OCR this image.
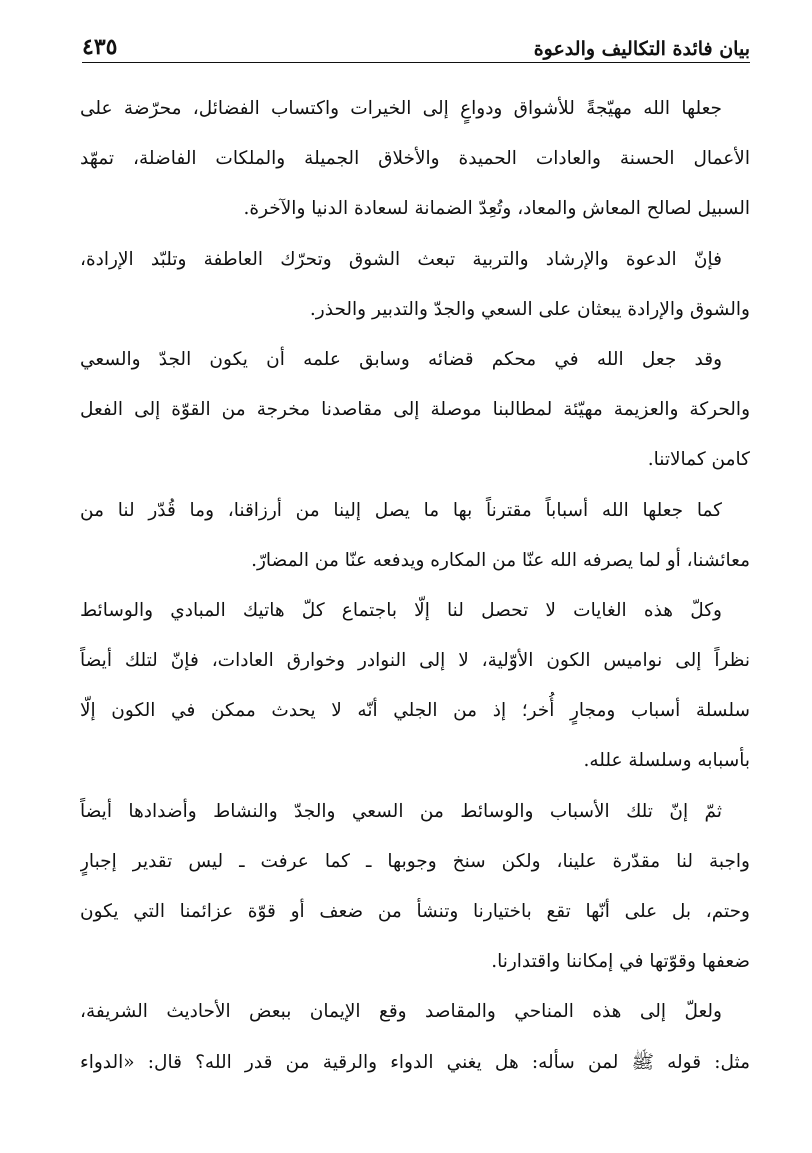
بيان فائدة التكاليف والدعوة
٤٣٥
جعلها الله مهيّجةً للأشواق ودواعٍ إلى الخيرات واكتساب الفضائل، محرّضة على
الأعمال الحسنة والعادات الحميدة والأخلاق الجميلة والملكات الفاضلة، تمهّد
السبيل لصالح المعاش والمعاد، وتُعِدّ الضمانة لسعادة الدنيا والآخرة.
فإنّ الدعوة والإرشاد والتربية تبعث الشوق وتحرّك العاطفة وتلبّد الإرادة،
والشوق والإرادة يبعثان على السعي والجدّ والتدبير والحذر.
وقد جعل الله في محكم قضائه وسابق علمه أن يكون الجدّ والسعي
والحركة والعزيمة مهيّئة لمطالبنا موصلة إلى مقاصدنا مخرجة من القوّة إلى الفعل
كامن كمالاتنا.
كما جعلها الله أسباباً مقترناً بها ما يصل إلينا من أرزاقنا، وما قُدّر لنا من
معائشنا، أو لما يصرفه الله عنّا من المكاره ويدفعه عنّا من المضارّ.
وكلّ هذه الغايات لا تحصل لنا إلّا باجتماع كلّ هاتيك المبادي والوسائط
نظراً إلى نواميس الكون الأوّلية، لا إلى النوادر وخوارق العادات، فإنّ لتلك أيضاً
سلسلة أسباب ومجارٍ أُخر؛ إذ من الجلي أنّه لا يحدث ممكن في الكون إلّا
بأسبابه وسلسلة علله.
ثمّ إنّ تلك الأسباب والوسائط من السعي والجدّ والنشاط وأضدادها أيضاً
واجبة لنا مقدّرة علينا، ولكن سنخ وجوبها ـ كما عرفت ـ ليس تقدير إجبارٍ
وحتم، بل على أنّها تقع باختيارنا وتنشأ من ضعف أو قوّة عزائمنا التي يكون
ضعفها وقوّتها في إمكاننا واقتدارنا.
ولعلّ إلى هذه المناحي والمقاصد وقع الإيمان ببعض الأحاديث الشريفة،
مثل: قوله ﷺ لمن سأله: هل يغني الدواء والرقية من قدر الله؟ قال: «الدواء
